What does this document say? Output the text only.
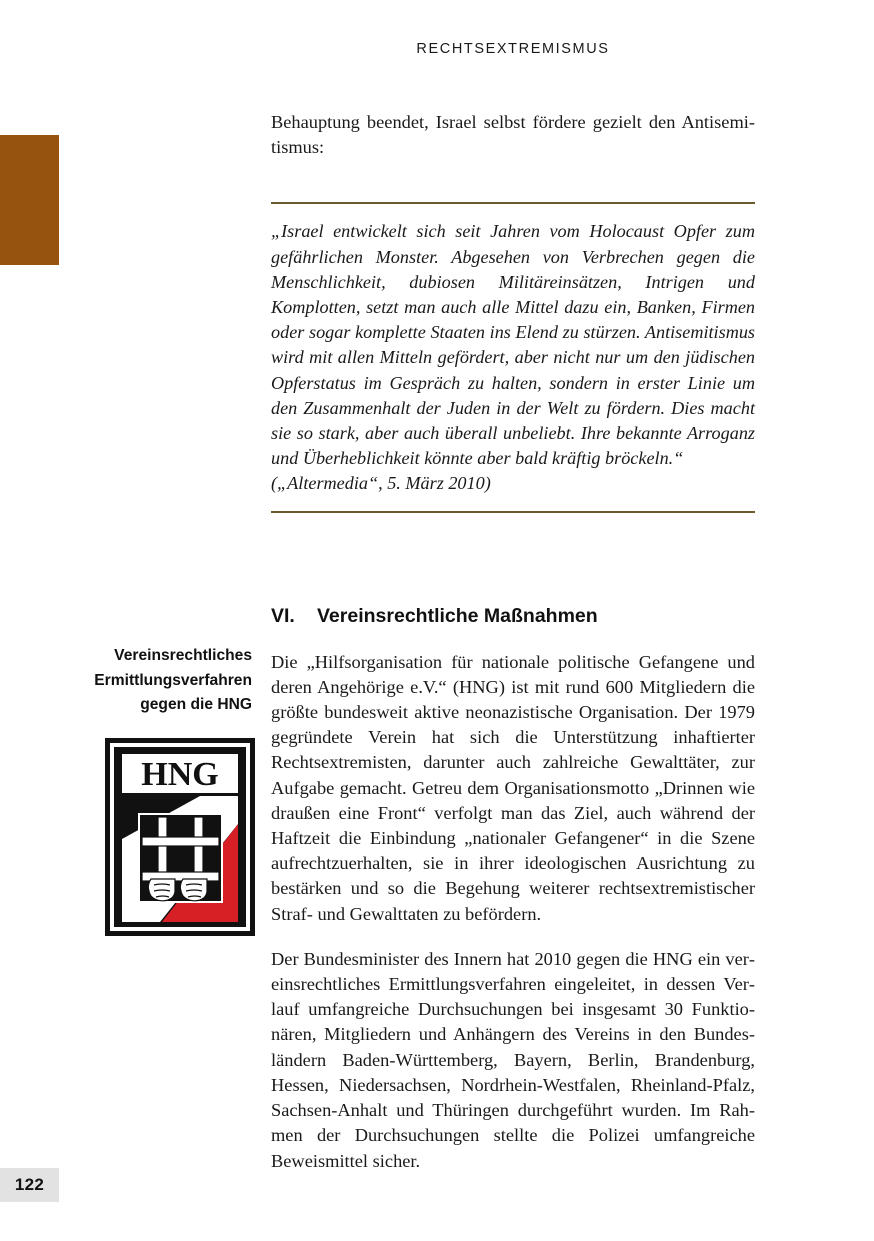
122
RECHTSEXTREMISMUS
Vereinsrechtliches Ermittlungsverfahren gegen die HNG
HNG

Behauptung beendet, Israel selbst fördere gezielt den Antisemitismus:

„Israel entwickelt sich seit Jahren vom Holocaust Opfer zum gefährlichen Monster. Abgesehen von Verbrechen gegen die Menschlichkeit, dubiosen Militäreinsätzen, Intrigen und Komplotten, setzt man auch alle Mittel dazu ein, Banken, Firmen oder sogar komplette Staaten ins Elend zu stürzen. Antisemitismus wird mit allen Mitteln gefördert, aber nicht nur um den jüdischen Opferstatus im Gespräch zu halten, sondern in erster Linie um den Zusammenhalt der Juden in der Welt zu fördern. Dies macht sie so stark, aber auch überall unbeliebt. Ihre bekannte Arroganz und Überheblichkeit könnte aber bald kräftig bröckeln.“

(„Altermedia“, 5. März 2010)

VI.	Vereinsrechtliche Maßnahmen

Die „Hilfsorganisation für nationale politische Gefangene und deren Angehörige e.V.“ (HNG) ist mit rund 600 Mitgliedern die größte bundesweit aktive neonazistische Organisation. Der 1979 gegründete Verein hat sich die Unterstützung inhaftierter Rechtsextremisten, darunter auch zahlreiche Gewalttäter, zur Aufgabe gemacht. Getreu dem Organisationsmotto „Drinnen wie draußen eine Front“ verfolgt man das Ziel, auch während der Haftzeit die Einbindung „nationaler Gefangener“ in die Szene aufrechtzuerhalten, sie in ihrer ideologischen Ausrichtung zu bestärken und so die Begehung weiterer rechtsextremistischer Straf- und Gewalttaten zu befördern.

Der Bundesminister des Innern hat 2010 gegen die HNG ein vereinsrechtliches Ermittlungsverfahren eingeleitet, in dessen Verlauf umfangreiche Durchsuchungen bei insgesamt 30 Funktionären, Mitgliedern und Anhängern des Vereins in den Bundesländern Baden-Württemberg, Bayern, Berlin, Brandenburg, Hessen, Niedersachsen, Nordrhein-Westfalen, Rheinland-Pfalz, Sachsen-Anhalt und Thüringen durchgeführt wurden. Im Rahmen der Durchsuchungen stellte die Polizei umfangreiche Beweismittel sicher.
